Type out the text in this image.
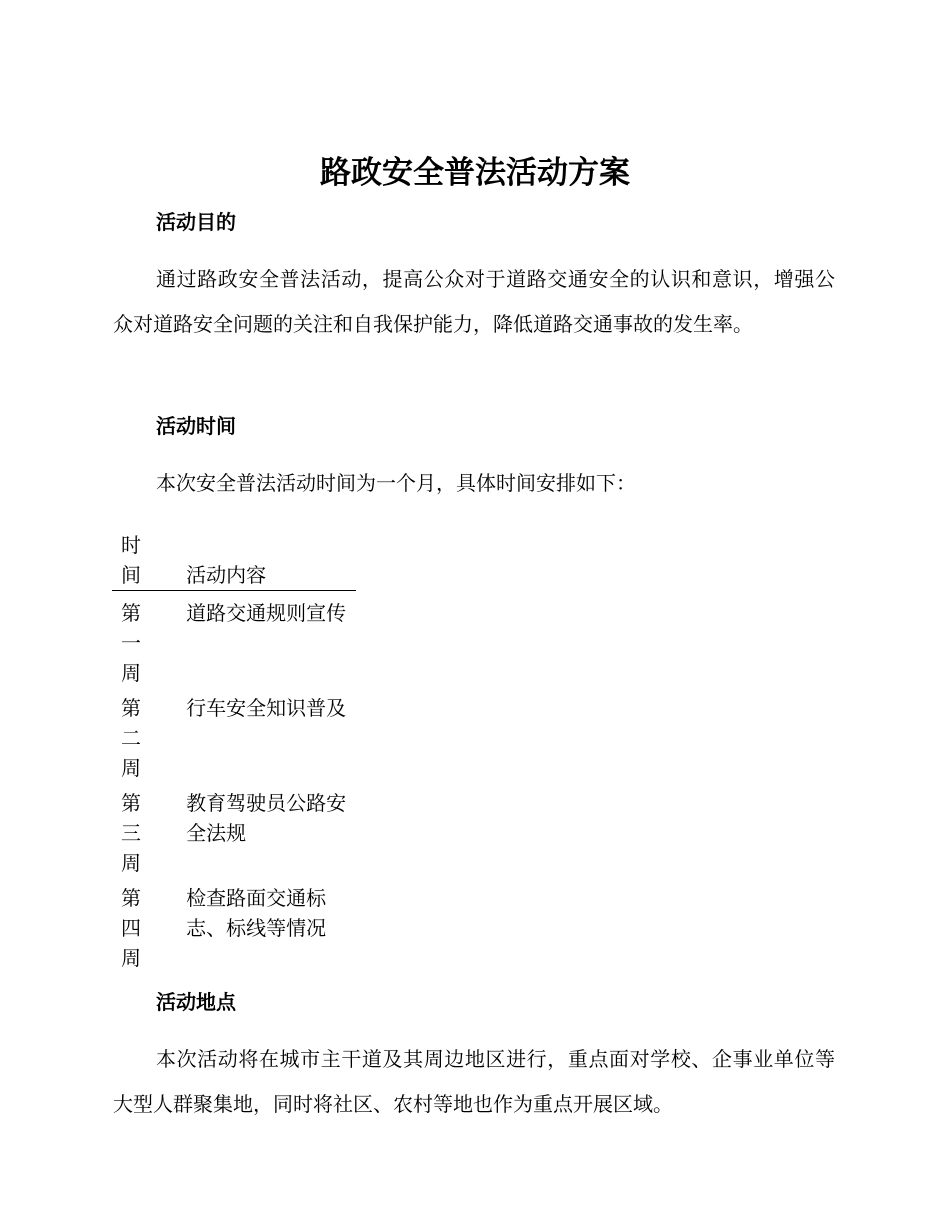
路政安全普法活动方案
活动目的

通过路政安全普法活动，提高公众对于道路交通安全的认识和意识，增强公众对道路安全问题的关注和自我保护能力，降低道路交通事故的发生率。

活动时间

本次安全普法活动时间为一个月，具体时间安排如下：

时间	活动内容

第一周	道路交通规则宣传

第二周	行车安全知识普及

第三周	教育驾驶员公路安全法规

第四周	检查路面交通标志、标线等情况
活动地点

本次活动将在城市主干道及其周边地区进行，重点面对学校、企事业单位等大型人群聚集地，同时将社区、农村等地也作为重点开展区域。
